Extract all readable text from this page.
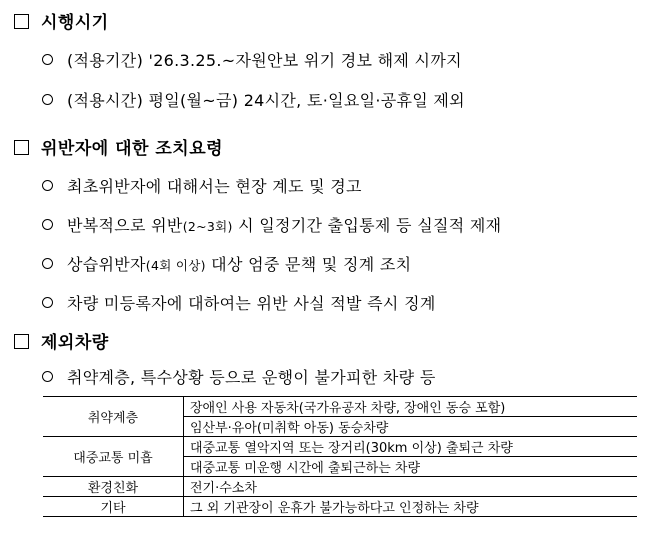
시행시기
(적용기간) '26.3.25.~자원안보 위기 경보 해제 시까지
(적용시간) 평일(월~금) 24시간, 토·일요일·공휴일 제외
위반자에 대한 조치요령
최초위반자에 대해서는 현장 계도 및 경고
반복적으로 위반(2~3회) 시 일정기간 출입통제 등 실질적 제재
상습위반자(4회 이상) 대상 엄중 문책 및 징계 조치
차량 미등록자에 대하여는 위반 사실 적발 즉시 징계
제외차량
취약계층, 특수상황 등으로 운행이 불가피한 차량 등
취약계층	장애인 사용 자동차(국가유공자 차량, 장애인 동승 포함)
	임산부·유아(미취학 아동) 동승차량
대중교통 미흡	대중교통 열악지역 또는 장거리(30km 이상) 출퇴근 차량
	대중교통 미운행 시간에 출퇴근하는 차량
환경친화	전기·수소차
기타	그 외 기관장이 운휴가 불가능하다고 인정하는 차량
